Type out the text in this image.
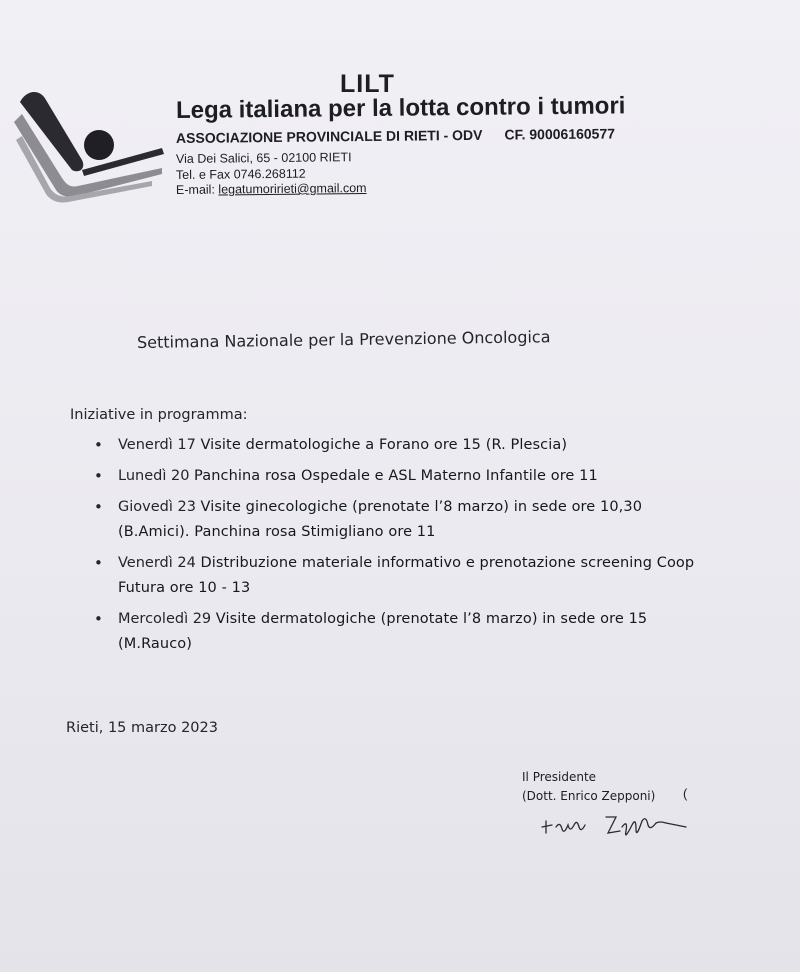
LILT
Lega italiana per la lotta contro i tumori
ASSOCIAZIONE PROVINCIALE DI RIETI - ODV CF. 90006160577
Via Dei Salici, 65 - 02100 RIETI
Tel. e Fax 0746.268112
E-mail: legatumoririeti@gmail.com
Settimana Nazionale per la Prevenzione Oncologica
Iniziative in programma:
• Venerdì 17 Visite dermatologiche a Forano ore 15 (R. Plescia)
• Lunedì 20 Panchina rosa Ospedale e ASL Materno Infantile ore 11
• Giovedì 23 Visite ginecologiche (prenotate l’8 marzo) in sede ore 10,30 (B.Amici). Panchina rosa Stimigliano ore 11
• Venerdì 24 Distribuzione materiale informativo e prenotazione screening Coop Futura ore 10 - 13
• Mercoledì 29 Visite dermatologiche (prenotate l’8 marzo) in sede ore 15 (M.Rauco)
Rieti, 15 marzo 2023
Il Presidente
(Dott. Enrico Zepponi) (
